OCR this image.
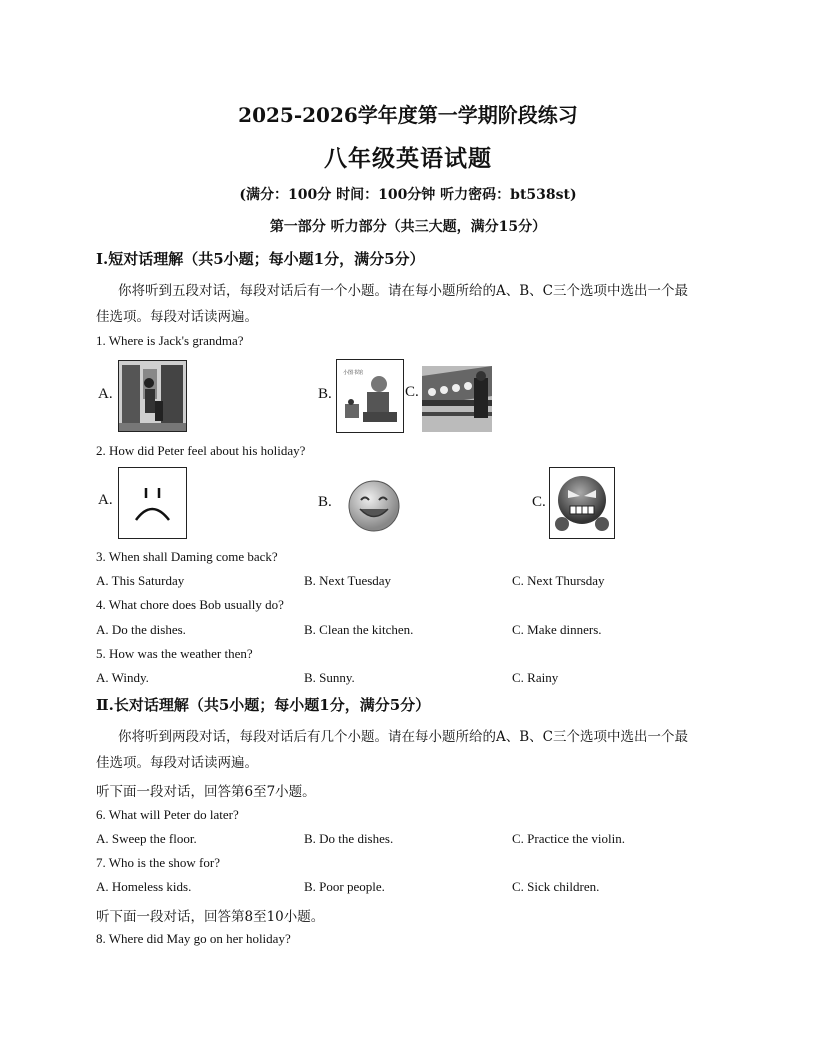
2025-2026学年度第一学期阶段练习
八年级英语试题
(满分：100分 时间：100分钟 听力密码：bt538st)
第一部分 听力部分（共三大题，满分15分）
Ⅰ.短对话理解（共5小题；每小题1分，满分5分）
你将听到五段对话，每段对话后有一个小题。请在每小题所给的A、B、C三个选项中选出一个最
佳选项。每段对话读两遍。
1. Where is Jack's grandma?
A.	B.
小图书馆
C.
2. How did Peter feel about his holiday?
A.	B.	C.
3. When shall Daming come back?
A. This Saturday	B. Next Tuesday	C. Next Thursday
4. What chore does Bob usually do?
A. Do the dishes.	B. Clean the kitchen.	C. Make dinners.
5. How was the weather then?
A. Windy.	B. Sunny.	C. Rainy
Ⅱ.长对话理解（共5小题；每小题1分，满分5分）
你将听到两段对话，每段对话后有几个小题。请在每小题所给的A、B、C三个选项中选出一个最
佳选项。每段对话读两遍。
听下面一段对话，回答第6至7小题。
6. What will Peter do later?
A. Sweep the floor.	B. Do the dishes.	C. Practice the violin.
7. Who is the show for?
A. Homeless kids.	B. Poor people.	C. Sick children.
听下面一段对话，回答第8至10小题。
8. Where did May go on her holiday?
